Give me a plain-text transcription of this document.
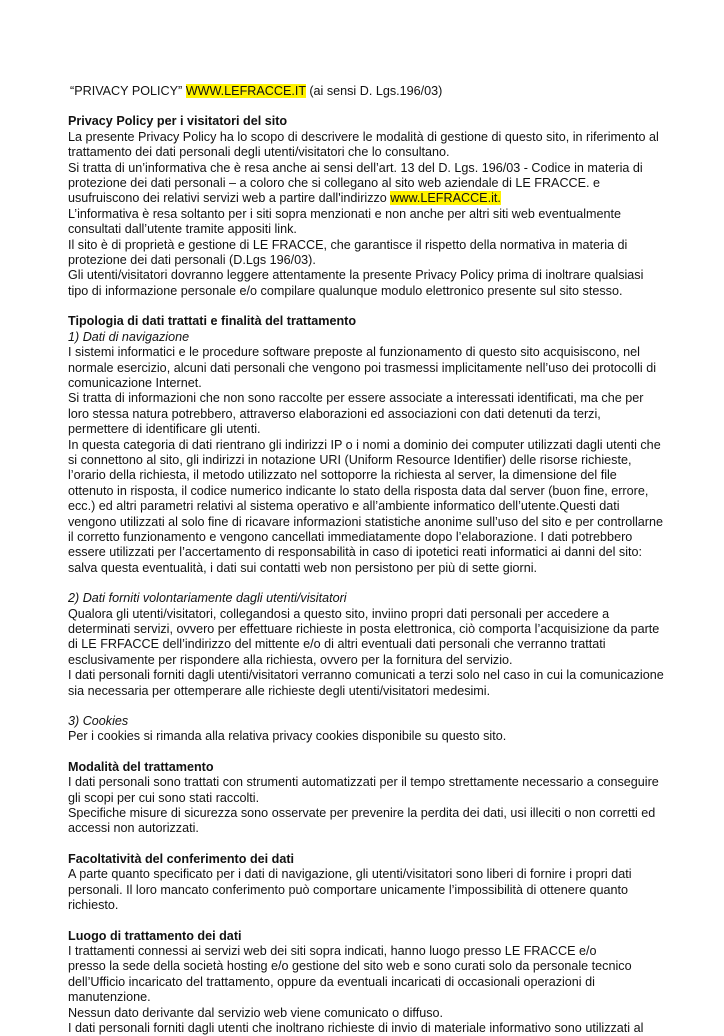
“PRIVACY POLICY” WWW.LEFRACCE.IT (ai sensi D. Lgs.196/03)

Privacy Policy per i visitatori del sito

La presente Privacy Policy ha lo scopo di descrivere le modalità di gestione di questo sito, in riferimento al trattamento dei dati personali degli utenti/visitatori che lo consultano.

Si tratta di un’informativa che è resa anche ai sensi dell’art. 13 del D. Lgs. 196/03 - Codice in materia di protezione dei dati personali – a coloro che si collegano al sito web aziendale di LE FRACCE. e usufruiscono dei relativi servizi web a partire dall'indirizzo www.LEFRACCE.it.

L’informativa è resa soltanto per i siti sopra menzionati e non anche per altri siti web eventualmente consultati dall’utente tramite appositi link.

Il sito è di proprietà e gestione di LE FRACCE, che garantisce il rispetto della normativa in materia di protezione dei dati personali (D.Lgs 196/03).

Gli utenti/visitatori dovranno leggere attentamente la presente Privacy Policy prima di inoltrare qualsiasi tipo di informazione personale e/o compilare qualunque modulo elettronico presente sul sito stesso.

Tipologia di dati trattati e finalità del trattamento

1) Dati di navigazione

I sistemi informatici e le procedure software preposte al funzionamento di questo sito acquisiscono, nel normale esercizio, alcuni dati personali che vengono poi trasmessi implicitamente nell’uso dei protocolli di comunicazione Internet.

Si tratta di informazioni che non sono raccolte per essere associate a interessati identificati, ma che per loro stessa natura potrebbero, attraverso elaborazioni ed associazioni con dati detenuti da terzi, permettere di identificare gli utenti.

In questa categoria di dati rientrano gli indirizzi IP o i nomi a dominio dei computer utilizzati dagli utenti che si connettono al sito, gli indirizzi in notazione URI (Uniform Resource Identifier) delle risorse richieste, l’orario della richiesta, il metodo utilizzato nel sottoporre la richiesta al server, la dimensione del file ottenuto in risposta, il codice numerico indicante lo stato della risposta data dal server (buon fine, errore, ecc.) ed altri parametri relativi al sistema operativo e all’ambiente informatico dell’utente.Questi dati vengono utilizzati al solo fine di ricavare informazioni statistiche anonime sull’uso del sito e per controllarne il corretto funzionamento e vengono cancellati immediatamente dopo l’elaborazione. I dati potrebbero essere utilizzati per l’accertamento di responsabilità in caso di ipotetici reati informatici ai danni del sito: salva questa eventualità, i dati sui contatti web non persistono per più di sette giorni.

2) Dati forniti volontariamente dagli utenti/visitatori

Qualora gli utenti/visitatori, collegandosi a questo sito, inviino propri dati personali per accedere a determinati servizi, ovvero per effettuare richieste in posta elettronica, ciò comporta l’acquisizione da parte di LE FRFACCE dell’indirizzo del mittente e/o di altri eventuali dati personali che verranno trattati esclusivamente per rispondere alla richiesta, ovvero per la fornitura del servizio.

I dati personali forniti dagli utenti/visitatori verranno comunicati a terzi solo nel caso in cui la comunicazione sia necessaria per ottemperare alle richieste degli utenti/visitatori medesimi.

3) Cookies

Per i cookies si rimanda alla relativa privacy cookies disponibile su questo sito.

Modalità del trattamento

I dati personali sono trattati con strumenti automatizzati per il tempo strettamente necessario a conseguire gli scopi per cui sono stati raccolti.

Specifiche misure di sicurezza sono osservate per prevenire la perdita dei dati, usi illeciti o non corretti ed accessi non autorizzati.

Facoltatività del conferimento dei dati

A parte quanto specificato per i dati di navigazione, gli utenti/visitatori sono liberi di fornire i propri dati personali. Il loro mancato conferimento può comportare unicamente l’impossibilità di ottenere quanto richiesto.

Luogo di trattamento dei dati

I trattamenti connessi ai servizi web dei siti sopra indicati, hanno luogo presso LE FRACCE e/o

presso la sede della società hosting e/o gestione del sito web e sono curati solo da personale tecnico dell’Ufficio incaricato del trattamento, oppure da eventuali incaricati di occasionali operazioni di manutenzione.

Nessun dato derivante dal servizio web viene comunicato o diffuso.

I dati personali forniti dagli utenti che inoltrano richieste di invio di materiale informativo sono utilizzati al
